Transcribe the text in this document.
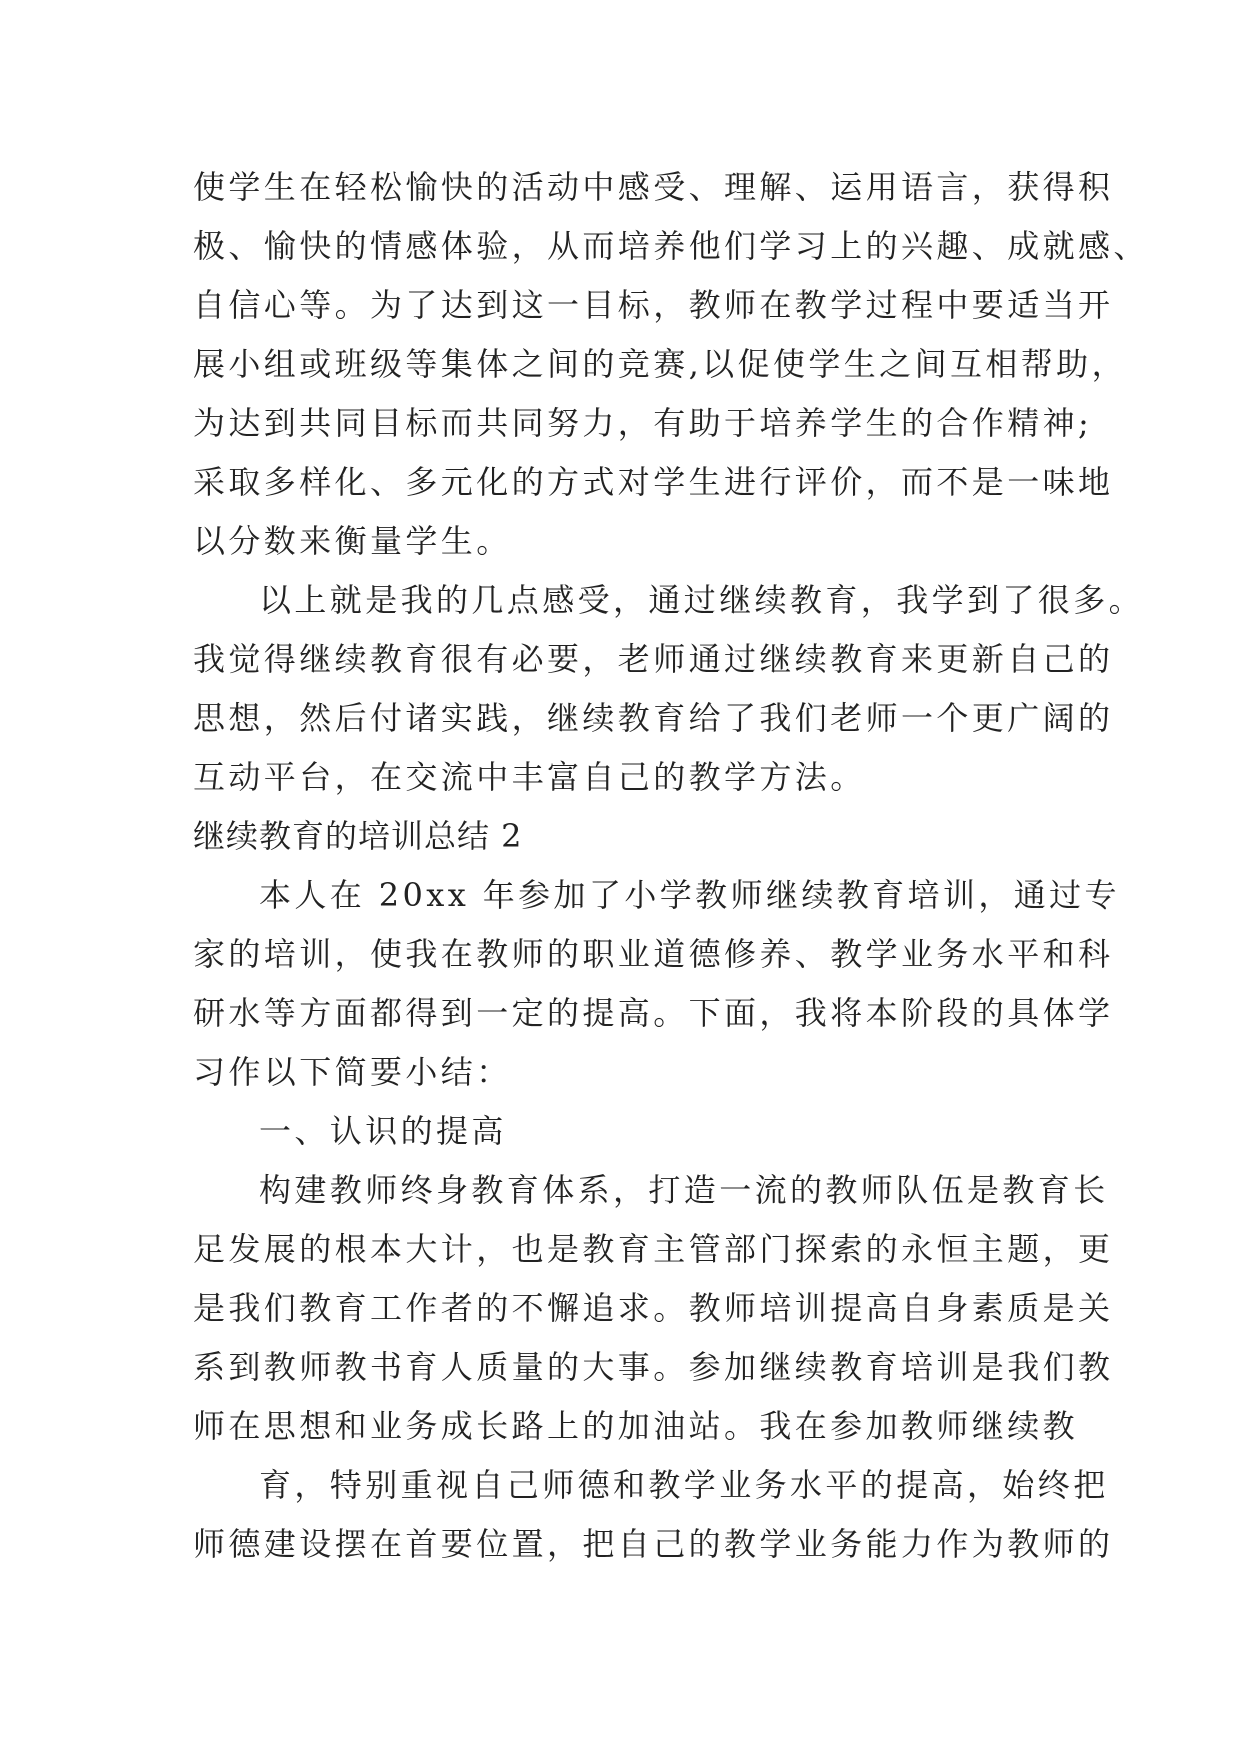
使学生在轻松愉快的活动中感受、理解、运用语言，获得积
极、愉快的情感体验，从而培养他们学习上的兴趣、成就感、
自信心等。为了达到这一目标，教师在教学过程中要适当开
展小组或班级等集体之间的竞赛,以促使学生之间互相帮助，
为达到共同目标而共同努力，有助于培养学生的合作精神;
采取多样化、多元化的方式对学生进行评价，而不是一味地
以分数来衡量学生。
以上就是我的几点感受，通过继续教育，我学到了很多。
我觉得继续教育很有必要，老师通过继续教育来更新自己的
思想，然后付诸实践，继续教育给了我们老师一个更广阔的
互动平台，在交流中丰富自己的教学方法。
继续教育的培训总结 2
本人在 20xx 年参加了小学教师继续教育培训，通过专
家的培训，使我在教师的职业道德修养、教学业务水平和科
研水等方面都得到一定的提高。下面，我将本阶段的具体学
习作以下简要小结：
一、认识的提高
构建教师终身教育体系，打造一流的教师队伍是教育长
足发展的根本大计，也是教育主管部门探索的永恒主题，更
是我们教育工作者的不懈追求。教师培训提高自身素质是关
系到教师教书育人质量的大事。参加继续教育培训是我们教
师在思想和业务成长路上的加油站。我在参加教师继续教
育，特别重视自己师德和教学业务水平的提高，始终把
师德建设摆在首要位置，把自己的教学业务能力作为教师的
